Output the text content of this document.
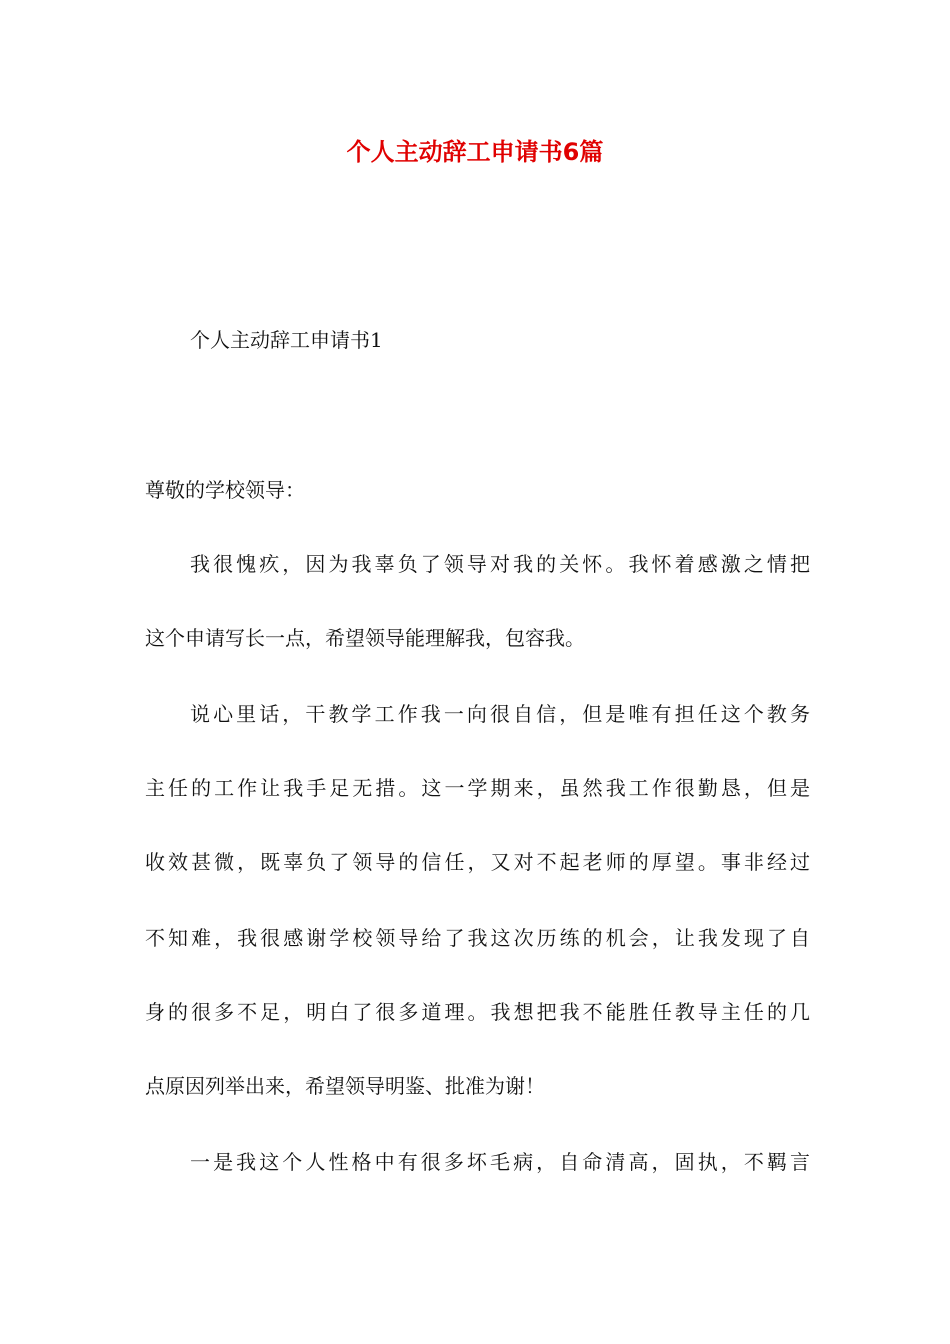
个人主动辞工申请书6篇
个人主动辞工申请书1
尊敬的学校领导：
我很愧疚，因为我辜负了领导对我的关怀。我怀着感激之情把
这个申请写长一点，希望领导能理解我，包容我。
说心里话，干教学工作我一向很自信，但是唯有担任这个教务
主任的工作让我手足无措。这一学期来，虽然我工作很勤恳，但是
收效甚微，既辜负了领导的信任，又对不起老师的厚望。事非经过
不知难，我很感谢学校领导给了我这次历练的机会，让我发现了自
身的很多不足，明白了很多道理。我想把我不能胜任教导主任的几
点原因列举出来，希望领导明鉴、批准为谢！
一是我这个人性格中有很多坏毛病，自命清高，固执，不羁言
